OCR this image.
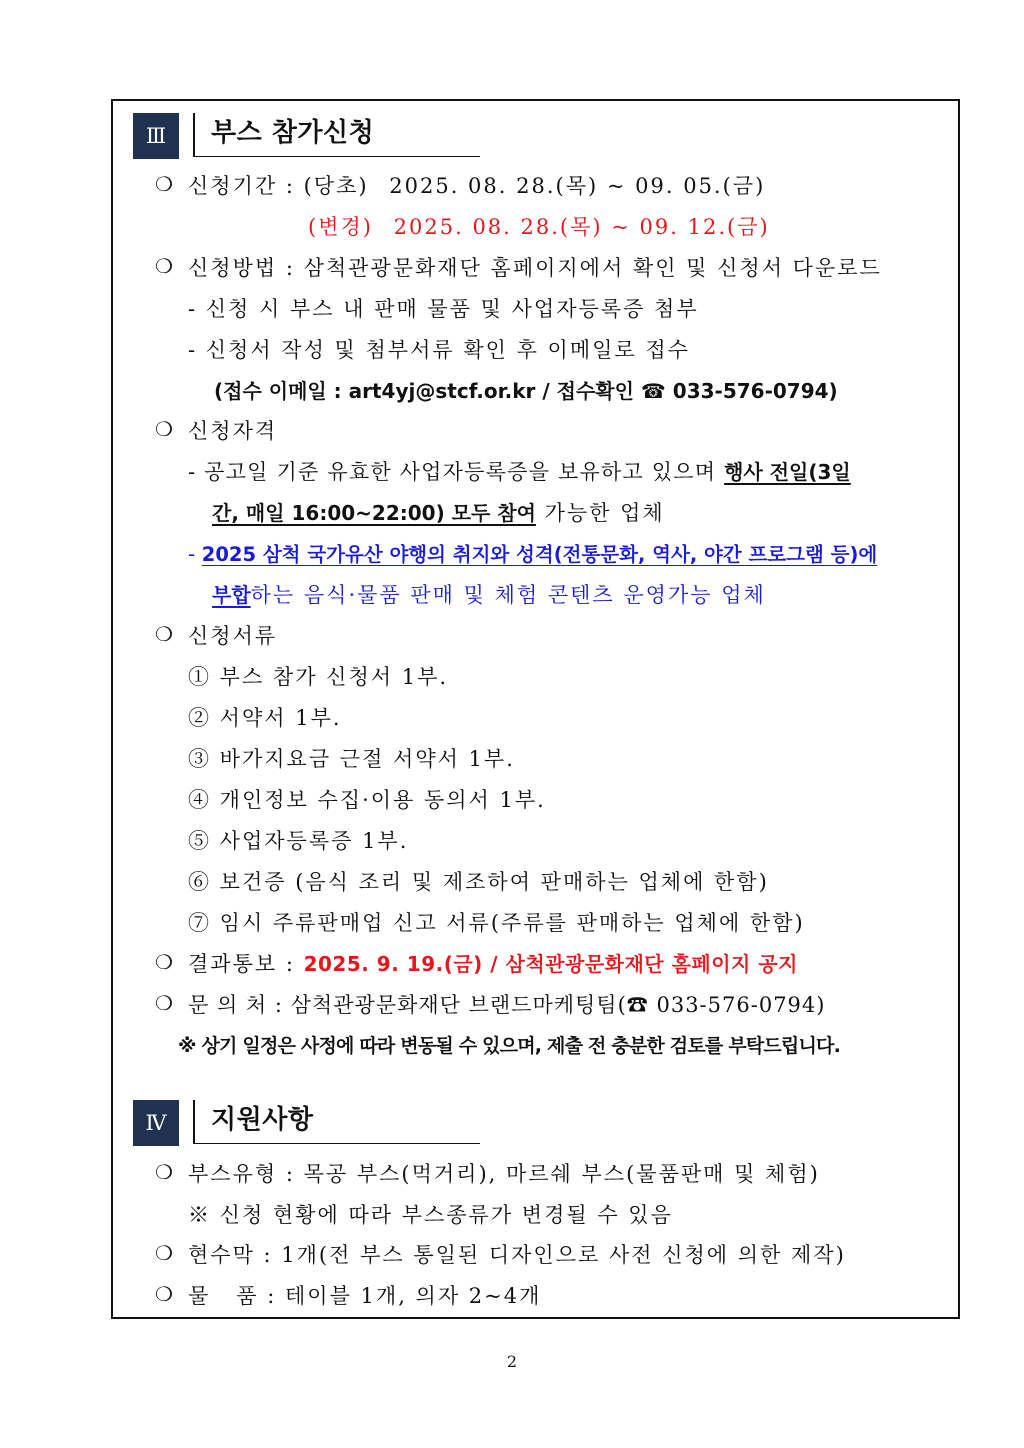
Ⅲ	부스 참가신청
❍ 신청기간 : (당초) 2025. 08. 28.(목) ~ 09. 05.(금)
(변경) 2025. 08. 28.(목) ~ 09. 12.(금)
❍ 신청방법 : 삼척관광문화재단 홈페이지에서 확인 및 신청서 다운로드
- 신청 시 부스 내 판매 물품 및 사업자등록증 첨부
- 신청서 작성 및 첨부서류 확인 후 이메일로 접수
(접수 이메일 : art4yj@stcf.or.kr / 접수확인 ☎ 033-576-0794)
❍ 신청자격
- 공고일 기준 유효한 사업자등록증을 보유하고 있으며 행사 전일(3일
간, 매일 16:00~22:00) 모두 참여 가능한 업체
- 2025 삼척 국가유산 야행의 취지와 성격(전통문화, 역사, 야간 프로그램 등)에
부합하는 음식·물품 판매 및 체험 콘텐츠 운영가능 업체
❍ 신청서류
① 부스 참가 신청서 1부.
② 서약서 1부.
③ 바가지요금 근절 서약서 1부.
④ 개인정보 수집·이용 동의서 1부.
⑤ 사업자등록증 1부.
⑥ 보건증 (음식 조리 및 제조하여 판매하는 업체에 한함)
⑦ 임시 주류판매업 신고 서류(주류를 판매하는 업체에 한함)
❍ 결과통보 : 2025. 9. 19.(금) / 삼척관광문화재단 홈페이지 공지
❍ 문 의 처 : 삼척관광문화재단 브랜드마케팅팀(☎ 033-576-0794)
※ 상기 일정은 사정에 따라 변동될 수 있으며, 제출 전 충분한 검토를 부탁드립니다.
Ⅳ	지원사항
❍ 부스유형 : 목공 부스(먹거리), 마르쉐 부스(물품판매 및 체험)
※ 신청 현황에 따라 부스종류가 변경될 수 있음
❍ 현수막 : 1개(전 부스 통일된 디자인으로 사전 신청에 의한 제작)
❍ 물   품 : 테이블 1개, 의자 2~4개
2
